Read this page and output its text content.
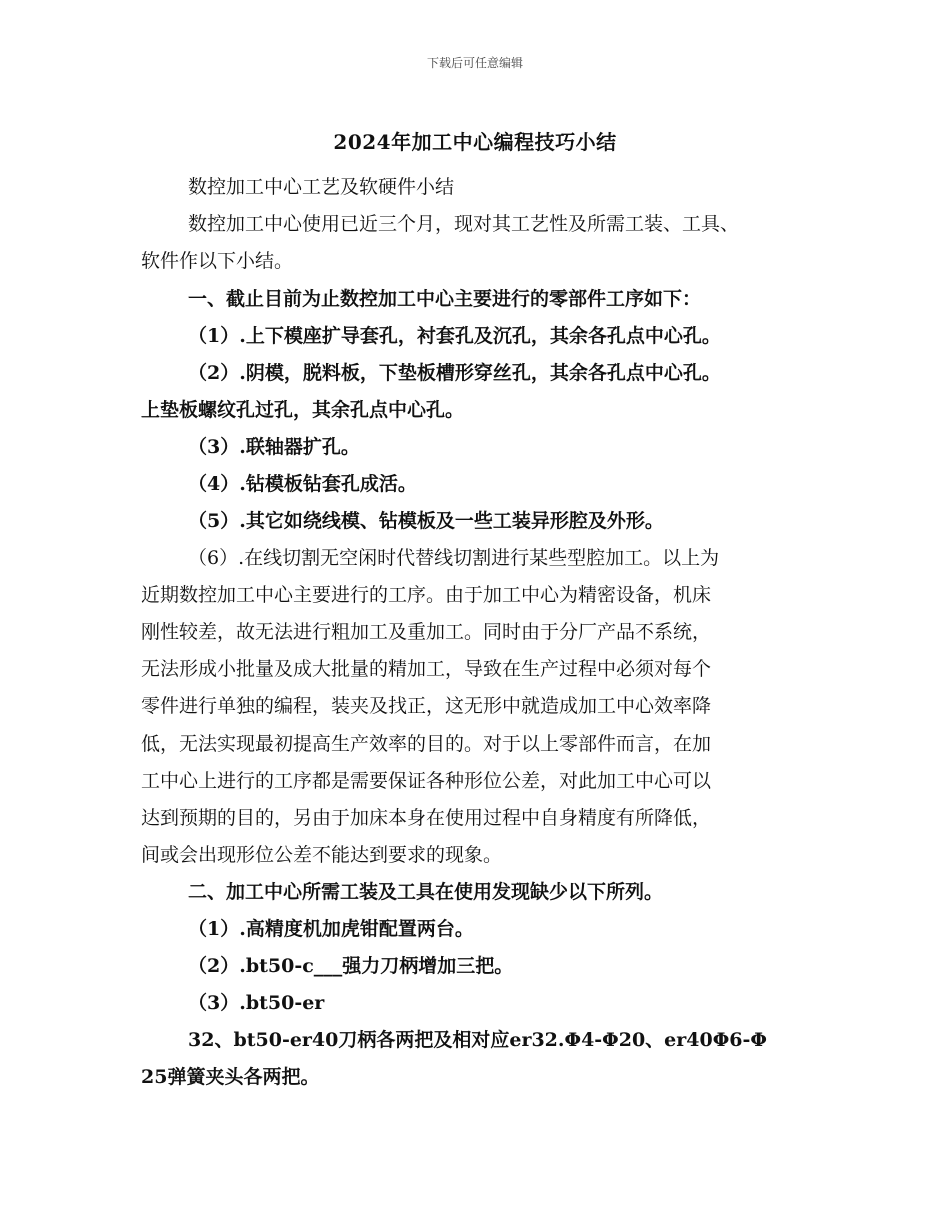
下载后可任意编辑
2024年加工中心编程技巧小结
数控加工中心工艺及软硬件小结
数控加工中心使用已近三个月，现对其工艺性及所需工装、工具、
软件作以下小结。
一、截止目前为止数控加工中心主要进行的零部件工序如下：
（1）.上下模座扩导套孔，衬套孔及沉孔，其余各孔点中心孔。
（2）.阴模，脱料板，下垫板槽形穿丝孔，其余各孔点中心孔。
上垫板螺纹孔过孔，其余孔点中心孔。
（3）.联轴器扩孔。
（4）.钻模板钻套孔成活。
（5）.其它如绕线模、钻模板及一些工装异形腔及外形。
（6）.在线切割无空闲时代替线切割进行某些型腔加工。以上为
近期数控加工中心主要进行的工序。由于加工中心为精密设备，机床
刚性较差，故无法进行粗加工及重加工。同时由于分厂产品不系统，
无法形成小批量及成大批量的精加工，导致在生产过程中必须对每个
零件进行单独的编程，装夹及找正，这无形中就造成加工中心效率降
低，无法实现最初提高生产效率的目的。对于以上零部件而言，在加
工中心上进行的工序都是需要保证各种形位公差，对此加工中心可以
达到预期的目的，另由于加床本身在使用过程中自身精度有所降低，
间或会出现形位公差不能达到要求的现象。
二、加工中心所需工装及工具在使用发现缺少以下所列。
（1）.高精度机加虎钳配置两台。
（2）.bt50-c___强力刀柄增加三把。
（3）.bt50-er
32、bt50-er40刀柄各两把及相对应er32.Φ4-Φ20、er40Φ6-Φ
25弹簧夹头各两把。
